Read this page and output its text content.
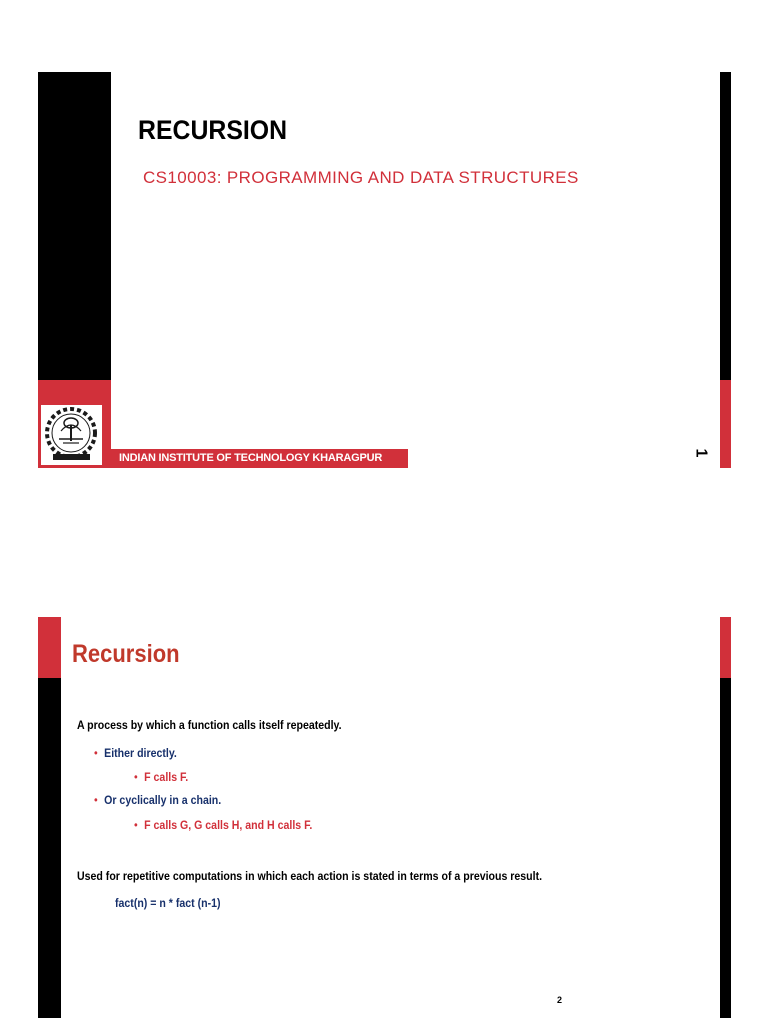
INDIAN INSTITUTE OF TECHNOLOGY KHARAGPUR
RECURSION
CS10003: PROGRAMMING AND DATA STRUCTURES
1
Recursion
A process by which a function calls itself repeatedly.
• Either directly.
• F calls F.
• Or cyclically in a chain.
• F calls G, G calls H, and H calls F.
Used for repetitive computations in which each action is stated in terms of a previous result.
fact(n) = n * fact (n-1)
2
